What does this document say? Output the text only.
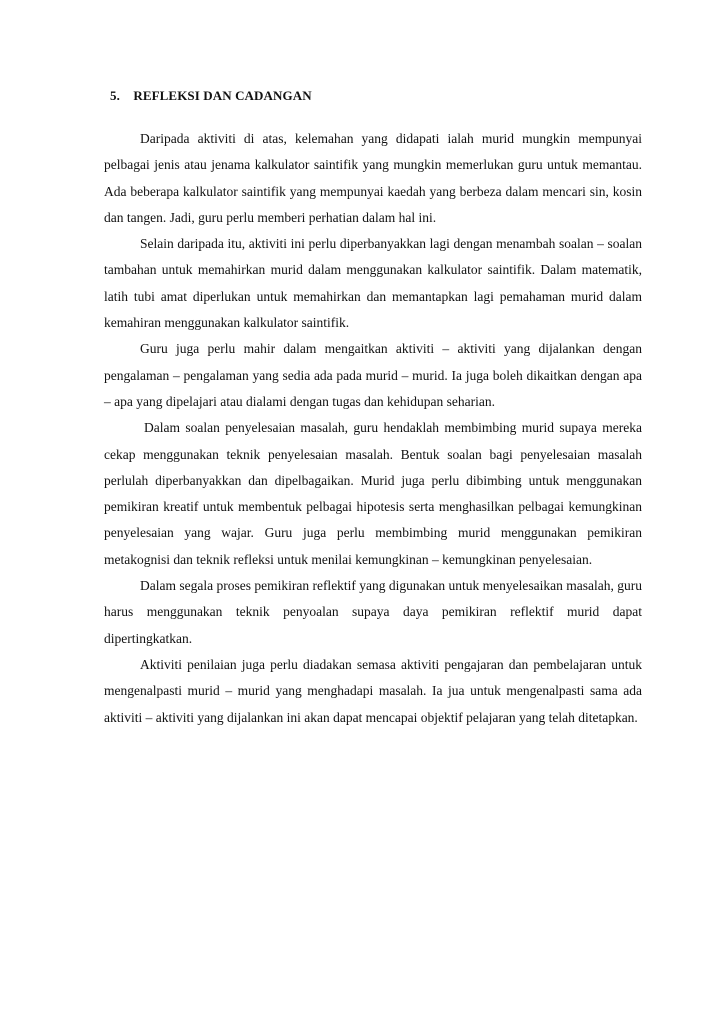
5. REFLEKSI DAN CADANGAN

Daripada aktiviti di atas, kelemahan yang didapati ialah murid mungkin mempunyai pelbagai jenis atau jenama kalkulator saintifik yang mungkin memerlukan guru untuk memantau. Ada beberapa kalkulator saintifik yang mempunyai kaedah yang berbeza dalam mencari sin, kosin dan tangen. Jadi, guru perlu memberi perhatian dalam hal ini.

Selain daripada itu, aktiviti ini perlu diperbanyakkan lagi dengan menambah soalan – soalan tambahan untuk memahirkan murid dalam menggunakan kalkulator saintifik. Dalam matematik, latih tubi amat diperlukan untuk memahirkan dan memantapkan lagi pemahaman murid dalam kemahiran menggunakan kalkulator saintifik.

Guru juga perlu mahir dalam mengaitkan aktiviti – aktiviti yang dijalankan dengan pengalaman – pengalaman yang sedia ada pada murid – murid. Ia juga boleh dikaitkan dengan apa – apa yang dipelajari atau dialami dengan tugas dan kehidupan seharian.

Dalam soalan penyelesaian masalah, guru hendaklah membimbing murid supaya mereka cekap menggunakan teknik penyelesaian masalah. Bentuk soalan bagi penyelesaian masalah perlulah diperbanyakkan dan dipelbagaikan. Murid juga perlu dibimbing untuk menggunakan pemikiran kreatif untuk membentuk pelbagai hipotesis serta menghasilkan pelbagai kemungkinan penyelesaian yang wajar. Guru juga perlu membimbing murid menggunakan pemikiran metakognisi dan teknik refleksi untuk menilai kemungkinan – kemungkinan penyelesaian.

Dalam segala proses pemikiran reflektif yang digunakan untuk menyelesaikan masalah, guru harus menggunakan teknik penyoalan supaya daya pemikiran reflektif murid dapat dipertingkatkan.

Aktiviti penilaian juga perlu diadakan semasa aktiviti pengajaran dan pembelajaran untuk mengenalpasti murid – murid yang menghadapi masalah. Ia jua untuk mengenalpasti sama ada aktiviti – aktiviti yang dijalankan ini akan dapat mencapai objektif pelajaran yang telah ditetapkan.
